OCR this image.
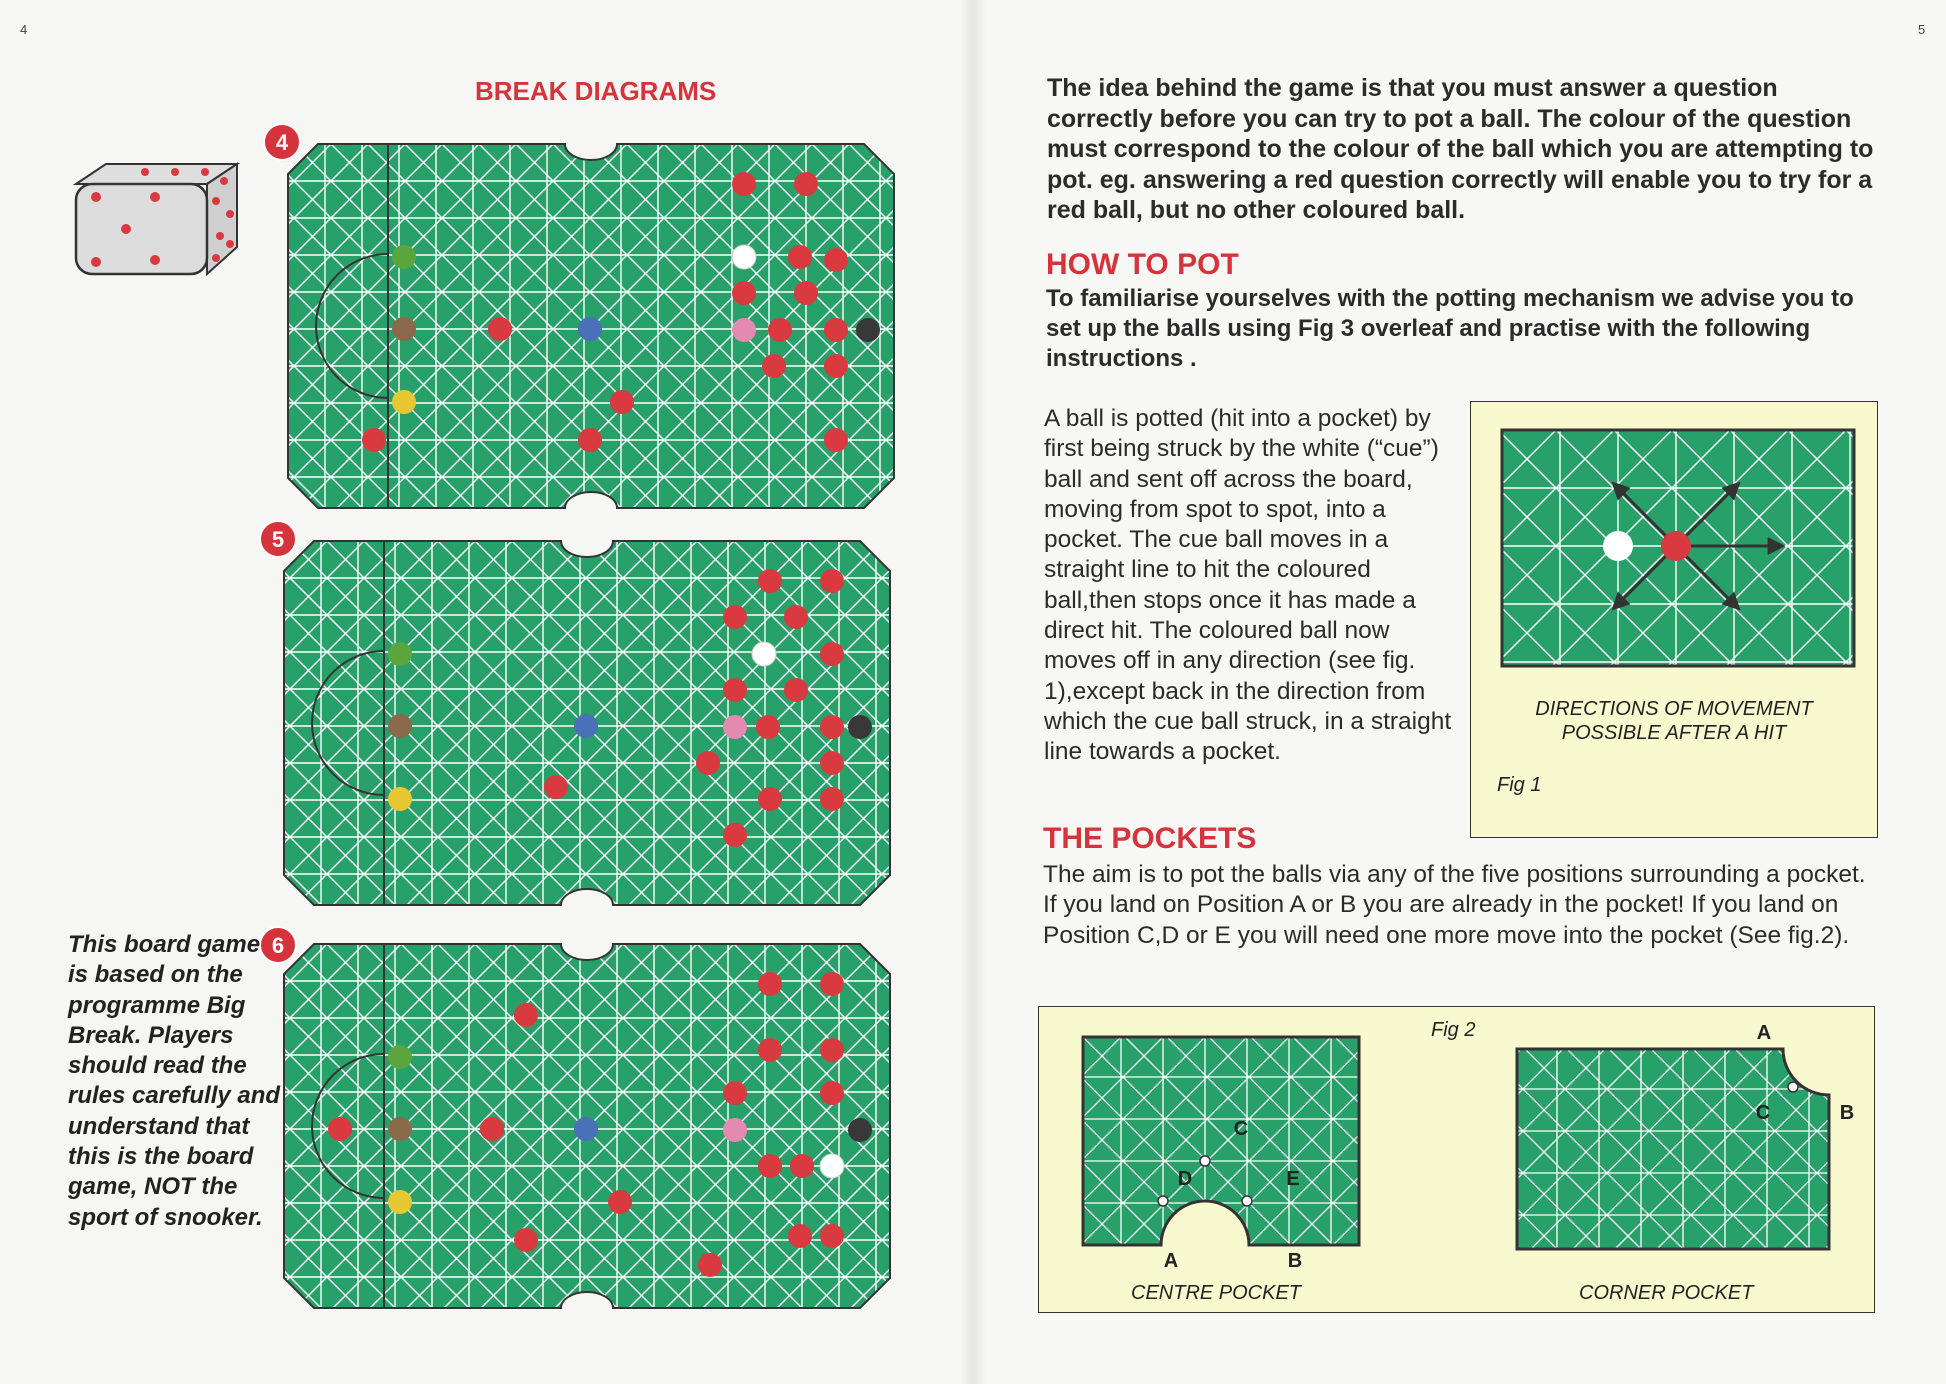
4	5
BREAK DIAGRAMS
4
5
6

This board game is based on the programme Big Break. Players should read the rules carefully and understand that this is the board game, NOT the sport of snooker.

The idea behind the game is that you must answer a question correctly before you can try to pot a ball. The colour of the question must correspond to the colour of the ball which you are attempting to pot. eg. answering a red question correctly will enable you to try for a red ball, but no other coloured ball.

HOW TO POT

To familiarise yourselves with the potting mechanism we advise you to set up the balls using Fig 3 overleaf and practise with the following instructions .

A ball is potted (hit into a pocket) by first being struck by the white (“cue”) ball and sent off across the board, moving from spot to spot, into a pocket. The cue ball moves in a straight line to hit the coloured ball,then stops once it has made a direct hit. The coloured ball now moves off in any direction (see fig. 1),except back in the direction from which the cue ball struck, in a straight line towards a pocket.

DIRECTIONS OF MOVEMENT
POSSIBLE AFTER A HIT
Fig 1
THE POCKETS

The aim is to pot the balls via any of the five positions surrounding a pocket. If you land on Position A or B you are already in the pocket! If you land on Position C,D or E you will need one more move into the pocket (See fig.2).

Fig 2
A	B
C
D	E
A
B
C
CENTRE POCKET	CORNER POCKET
